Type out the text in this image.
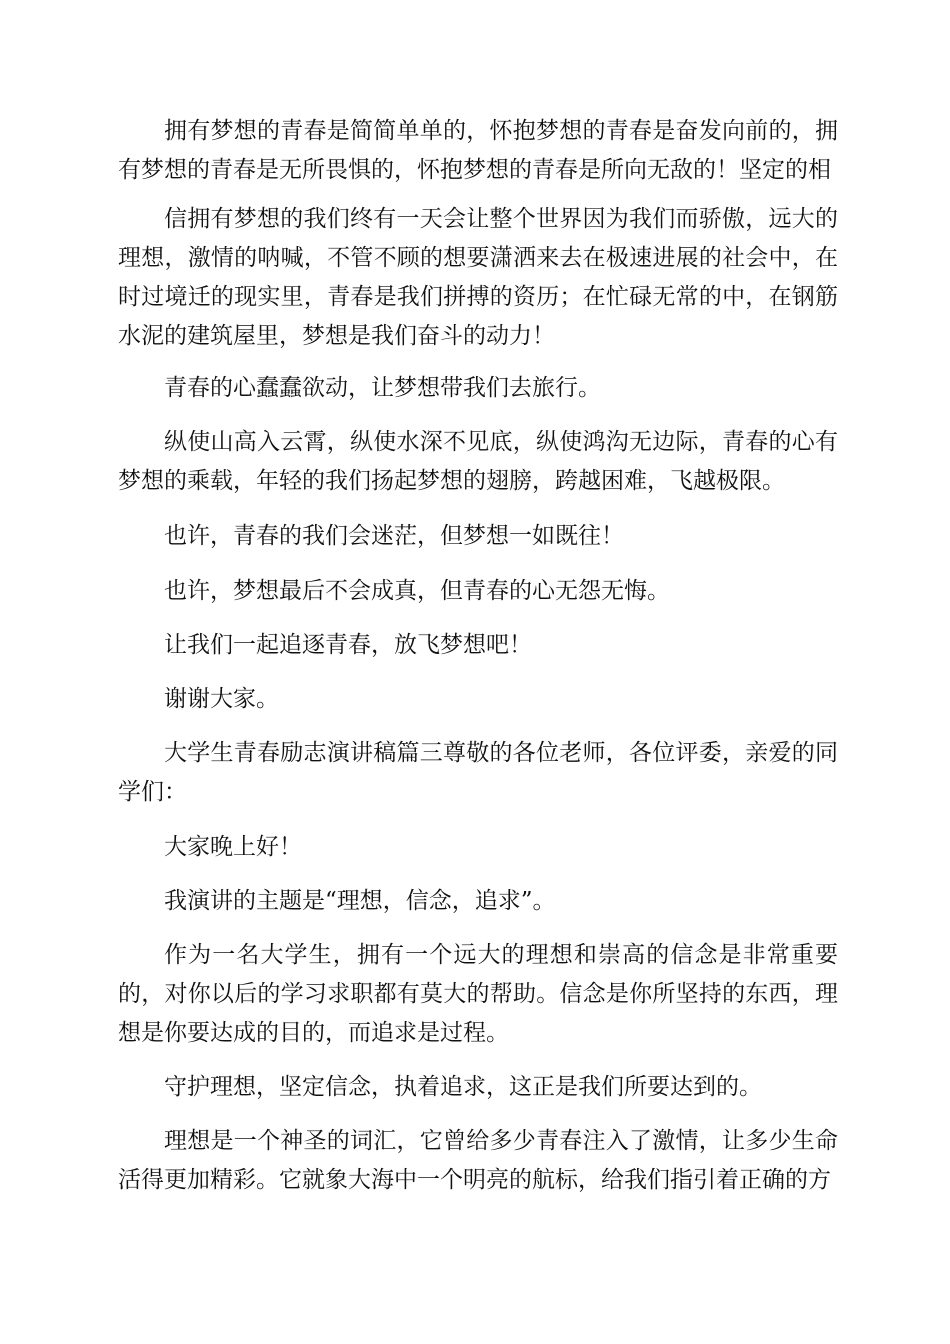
拥有梦想的青春是简简单单的，怀抱梦想的青春是奋发向前的，拥有梦想的青春是无所畏惧的，怀抱梦想的青春是所向无敌的！坚定的相

信拥有梦想的我们终有一天会让整个世界因为我们而骄傲，远大的理想，激情的呐喊，不管不顾的想要潇洒来去在极速进展的社会中，在时过境迁的现实里，青春是我们拼搏的资历；在忙碌无常的中，在钢筋水泥的建筑屋里，梦想是我们奋斗的动力！

青春的心蠢蠢欲动，让梦想带我们去旅行。

纵使山高入云霄，纵使水深不见底，纵使鸿沟无边际，青春的心有梦想的乘载，年轻的我们扬起梦想的翅膀，跨越困难，飞越极限。

也许，青春的我们会迷茫，但梦想一如既往！

也许，梦想最后不会成真，但青春的心无怨无悔。

让我们一起追逐青春，放飞梦想吧！

谢谢大家。

大学生青春励志演讲稿篇三尊敬的各位老师，各位评委，亲爱的同学们：

大家晚上好！

我演讲的主题是“理想，信念，追求”。

作为一名大学生，拥有一个远大的理想和崇高的信念是非常重要的，对你以后的学习求职都有莫大的帮助。信念是你所坚持的东西，理想是你要达成的目的，而追求是过程。

守护理想，坚定信念，执着追求，这正是我们所要达到的。

理想是一个神圣的词汇，它曾给多少青春注入了激情，让多少生命活得更加精彩。它就象大海中一个明亮的航标，给我们指引着正确的方
